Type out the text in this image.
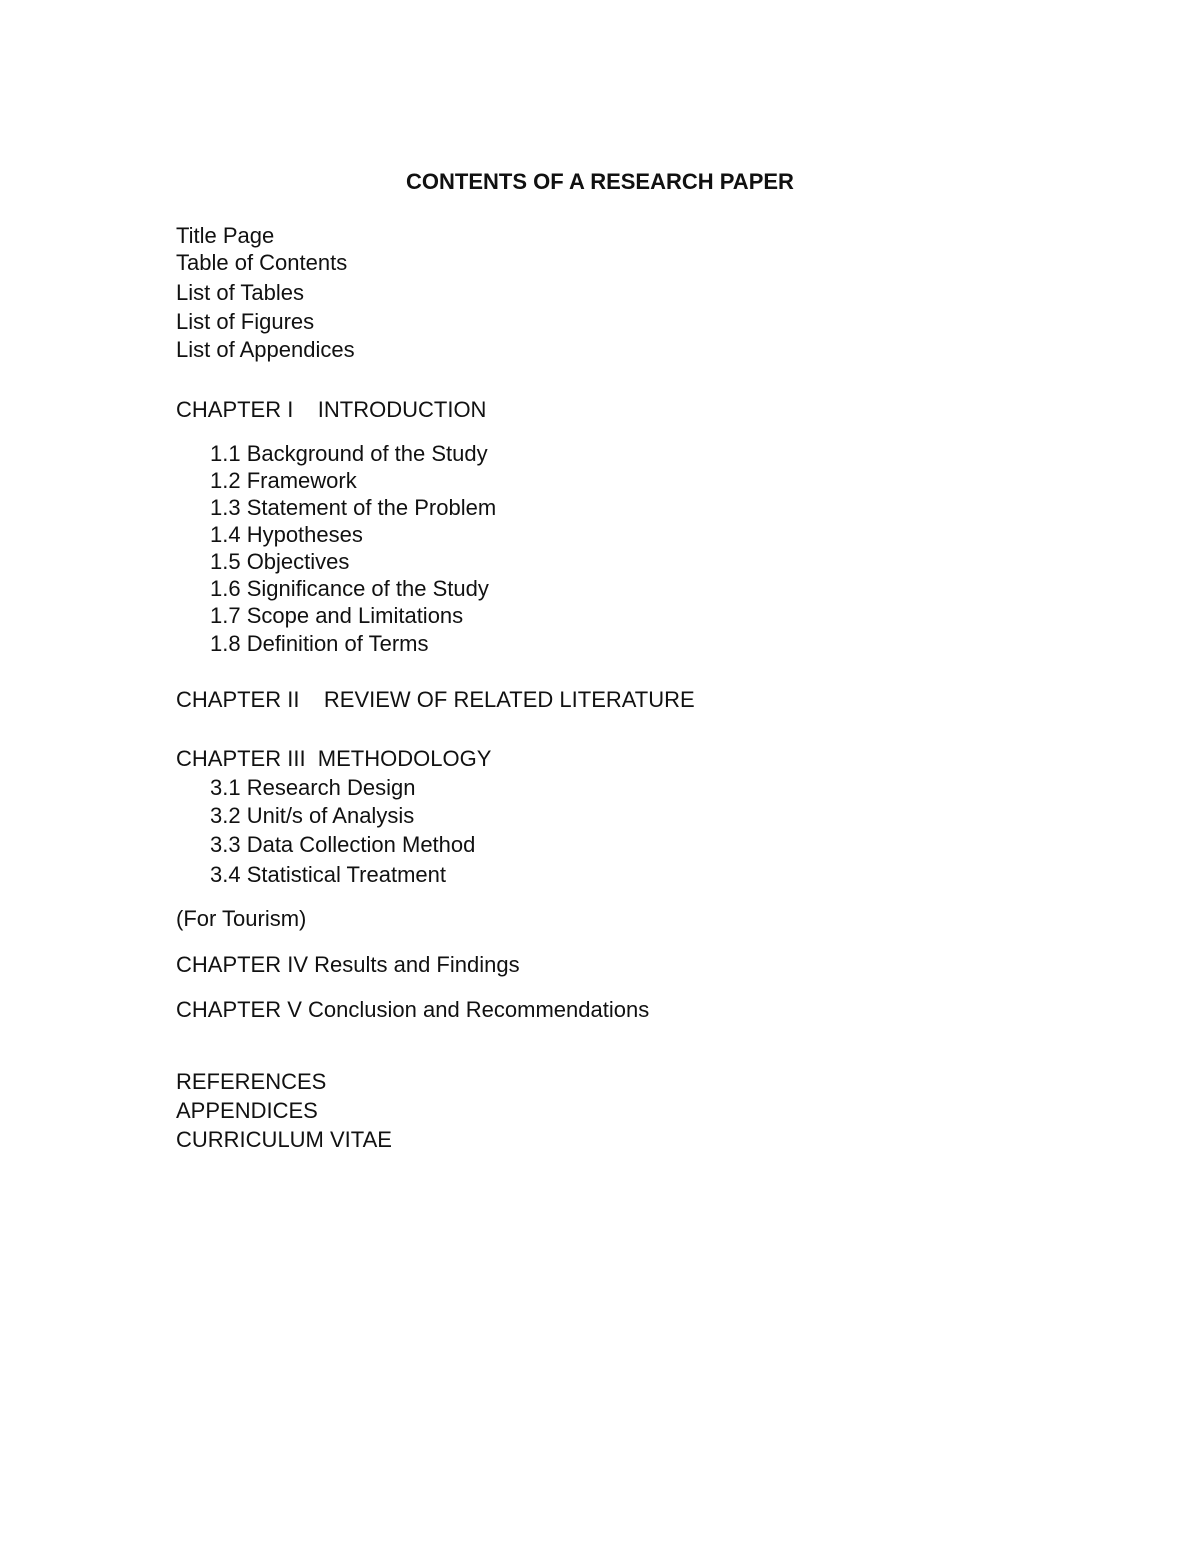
CONTENTS OF A RESEARCH PAPER
Title Page
Table of Contents
List of Tables
List of Figures
List of Appendices
CHAPTER I    INTRODUCTION
1.1 Background of the Study
1.2 Framework
1.3 Statement of the Problem
1.4 Hypotheses
1.5 Objectives
1.6 Significance of the Study
1.7 Scope and Limitations
1.8 Definition of Terms
CHAPTER II    REVIEW OF RELATED LITERATURE
CHAPTER III  METHODOLOGY
3.1 Research Design
3.2 Unit/s of Analysis
3.3 Data Collection Method
3.4 Statistical Treatment
(For Tourism)
CHAPTER IV Results and Findings
CHAPTER V Conclusion and Recommendations
REFERENCES
APPENDICES
CURRICULUM VITAE
